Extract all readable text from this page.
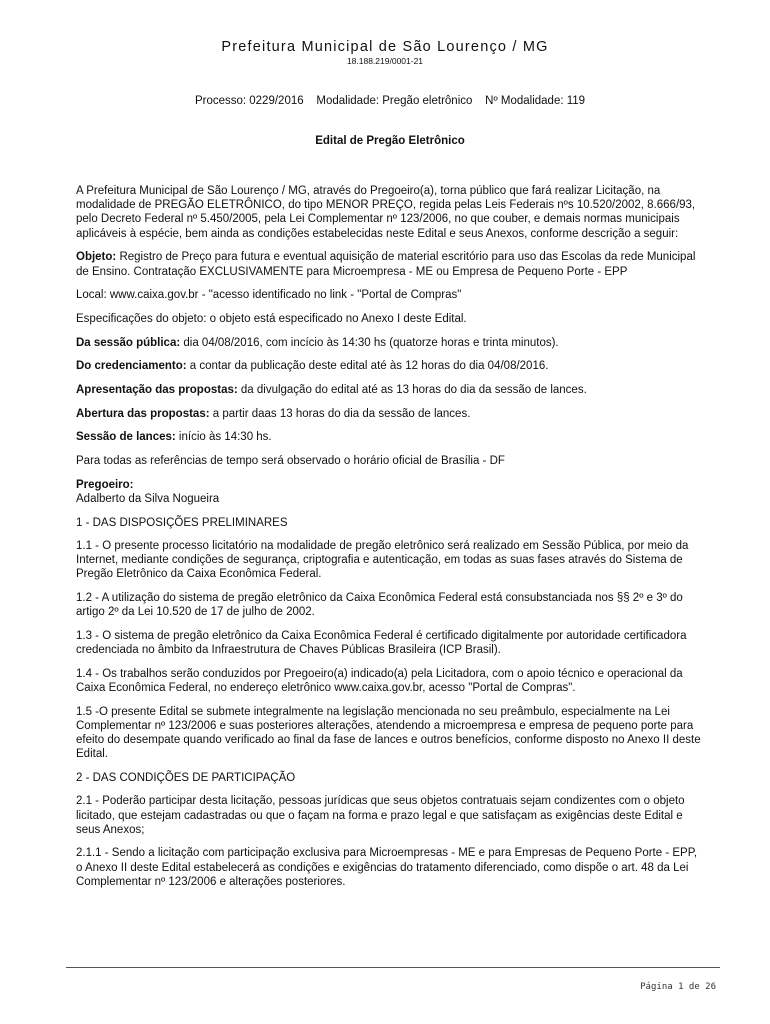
Prefeitura Municipal de São Lourenço / MG
18.188.219/0001-21
Processo: 0229/2016    Modalidade: Pregão eletrônico    Nº Modalidade: 119
Edital de Pregão Eletrônico

A Prefeitura Municipal de São Lourenço / MG, através do Pregoeiro(a), torna público que fará realizar Licitação, na modalidade de PREGÃO ELETRÔNICO, do tipo MENOR PREÇO, regida pelas Leis Federais nºs 10.520/2002, 8.666/93, pelo Decreto Federal nº 5.450/2005, pela Lei Complementar nº 123/2006, no que couber, e demais normas municipais aplicáveis à espécie, bem ainda as condições estabelecidas neste Edital e seus Anexos, conforme descrição a seguir:

Objeto: Registro de Preço para futura e eventual aquisição de material escritório para uso das Escolas da rede Municipal de Ensino. Contratação EXCLUSIVAMENTE para Microempresa - ME ou Empresa de Pequeno Porte - EPP

Local: www.caixa.gov.br - "acesso identificado no link - "Portal de Compras"

Especificações do objeto: o objeto está especificado no Anexo I deste Edital.

Da sessão pública: dia 04/08/2016, com incício às 14:30 hs (quatorze horas e trinta minutos).

Do credenciamento: a contar da publicação deste edital até às 12 horas do dia 04/08/2016.

Apresentação das propostas: da divulgação do edital até as 13 horas do dia da sessão de lances.

Abertura das propostas: a partir daas 13 horas do dia da sessão de lances.

Sessão de lances: início às 14:30 hs.

Para todas as referências de tempo será observado o horário oficial de Brasília - DF

Pregoeiro:
Adalberto da Silva Nogueira

1 - DAS DISPOSIÇÕES PRELIMINARES

1.1 - O presente processo licitatório na modalidade de pregão eletrônico será realizado em Sessão Pública, por meio da Internet, mediante condições de segurança, criptografia e autenticação, em todas as suas fases através do Sistema de Pregão Eletrônico da Caixa Econômica Federal.

1.2 - A utilização do sistema de pregão eletrônico da Caixa Econômica Federal está consubstanciada nos §§ 2º e 3º do artigo 2º da Lei 10.520 de 17 de julho de 2002.

1.3 - O sistema de pregão eletrônico da Caixa Econômica Federal é certificado digitalmente por autoridade certificadora credenciada no âmbito da Infraestrutura de Chaves Públicas Brasileira (ICP Brasil).

1.4 - Os trabalhos serão conduzidos por Pregoeiro(a) indicado(a) pela Licitadora, com o apoio técnico e operacional da Caixa Econômica Federal, no endereço eletrônico www.caixa.gov.br, acesso "Portal de Compras".

1.5 -O presente Edital se submete integralmente na legislação mencionada no seu preâmbulo, especialmente na Lei Complementar nº 123/2006 e suas posteriores alterações, atendendo a microempresa e empresa de pequeno porte para efeito do desempate quando verificado ao final da fase de lances e outros benefícios, conforme disposto no Anexo II deste Edital.

2 - DAS CONDIÇÕES DE PARTICIPAÇÃO

2.1 - Poderão participar desta licitação, pessoas jurídicas que seus objetos contratuais sejam condizentes com o objeto licitado, que estejam cadastradas ou que o façam na forma e prazo legal e que satisfaçam as exigências deste Edital e seus Anexos;

2.1.1 - Sendo a licitação com participação exclusiva para Microempresas - ME e para Empresas de Pequeno Porte - EPP, o Anexo II deste Edital estabelecerá as condições e exigências do tratamento diferenciado, como dispõe o art. 48 da Lei Complementar nº 123/2006 e alterações posteriores.

Página 1 de 26
